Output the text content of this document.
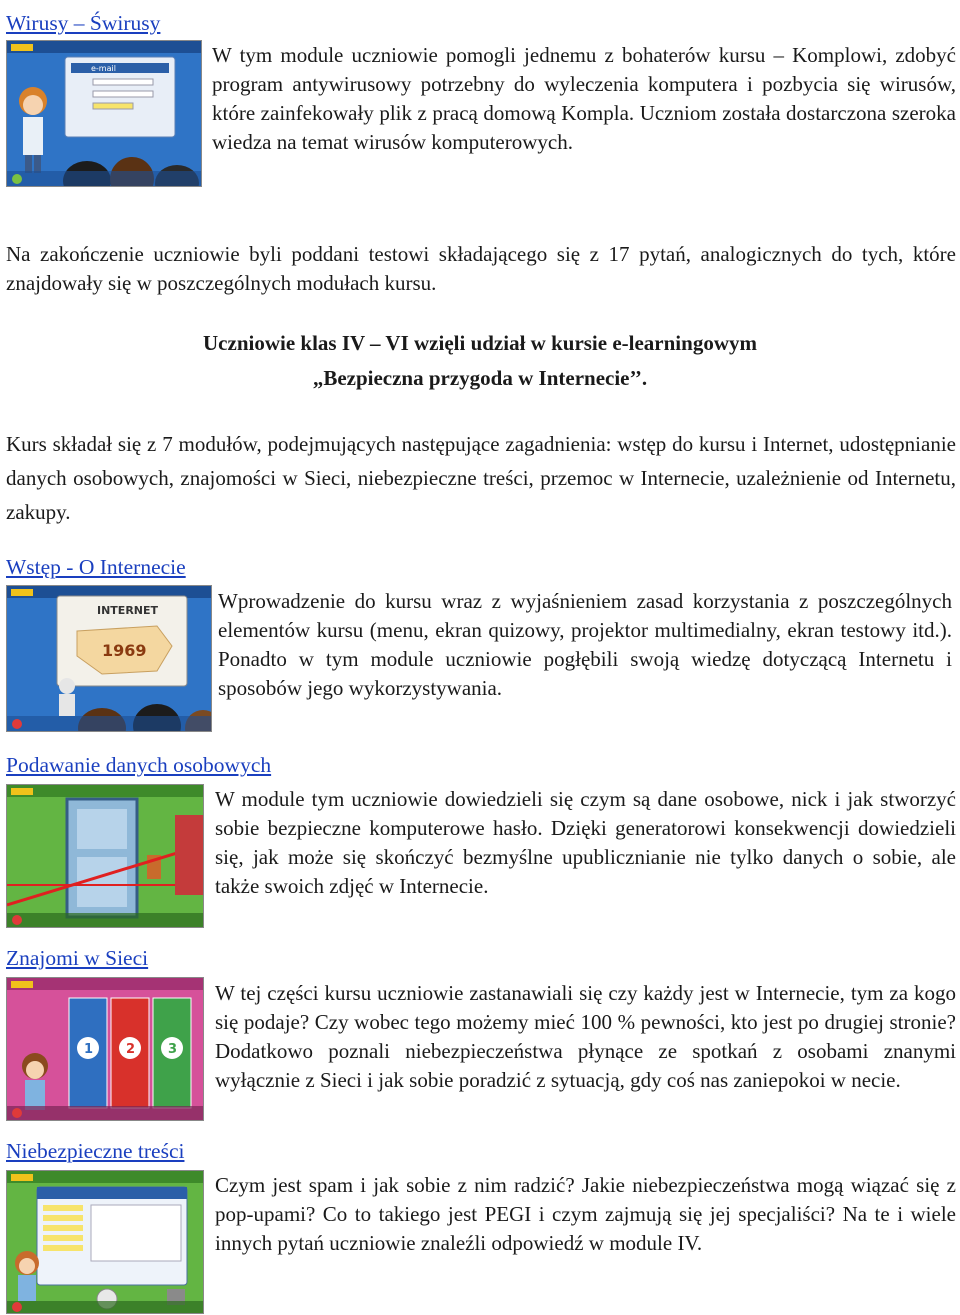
Wirusy – Świrusy
e-mail

W tym module uczniowie pomogli jednemu z bohaterów kursu – Komplowi, zdobyć program antywirusowy potrzebny do wyleczenia komputera i pozbycia się wirusów, które zainfekowały plik z pracą domową Kompla. Uczniom została dostarczona szeroka wiedza na temat wirusów komputerowych.

Na zakończenie uczniowie byli poddani testowi składającego się z 17 pytań, analogicznych do tych, które znajdowały się w poszczególnych modułach kursu.

Uczniowie klas IV – VI wzięli udział w kursie e-learningowym

„Bezpieczna przygoda w Internecie’’.

Kurs składał się z 7 modułów, podejmujących następujące zagadnienia: wstęp do kursu i Internet, udostępnianie danych osobowych, znajomości w Sieci, niebezpieczne treści, przemoc w Internecie, uzależnienie od Internetu, zakupy.

Wstęp - O Internecie
INTERNET
1969

Wprowadzenie do kursu wraz z wyjaśnieniem zasad korzystania z poszczególnych elementów kursu (menu, ekran quizowy, projektor multimedialny, ekran testowy itd.). Ponadto w tym module uczniowie pogłębili swoją wiedzę dotyczącą Internetu i sposobów jego wykorzystywania.

Podawanie danych osobowych

W module tym uczniowie dowiedzieli się czym są dane osobowe, nick i jak stworzyć sobie bezpieczne komputerowe hasło. Dzięki generatorowi konsekwencji dowiedzieli się, jak może się skończyć bezmyślne upublicznianie nie tylko danych o sobie, ale także swoich zdjęć w Internecie.

Znajomi w Sieci
1	2	3

W tej części kursu uczniowie zastanawiali się czy każdy jest w Internecie, tym za kogo się podaje? Czy wobec tego możemy mieć 100 % pewności, kto jest po drugiej stronie? Dodatkowo poznali niebezpieczeństwa płynące ze spotkań z osobami znanymi wyłącznie z Sieci i jak sobie poradzić z sytuacją, gdy coś nas zaniepokoi w necie.

Niebezpieczne treści

Czym jest spam i jak sobie z nim radzić? Jakie niebezpieczeństwa mogą wiązać się z pop-upami? Co to takiego jest PEGI i czym zajmują się jej specjaliści? Na te i wiele innych pytań uczniowie znaleźli odpowiedź w module IV.
